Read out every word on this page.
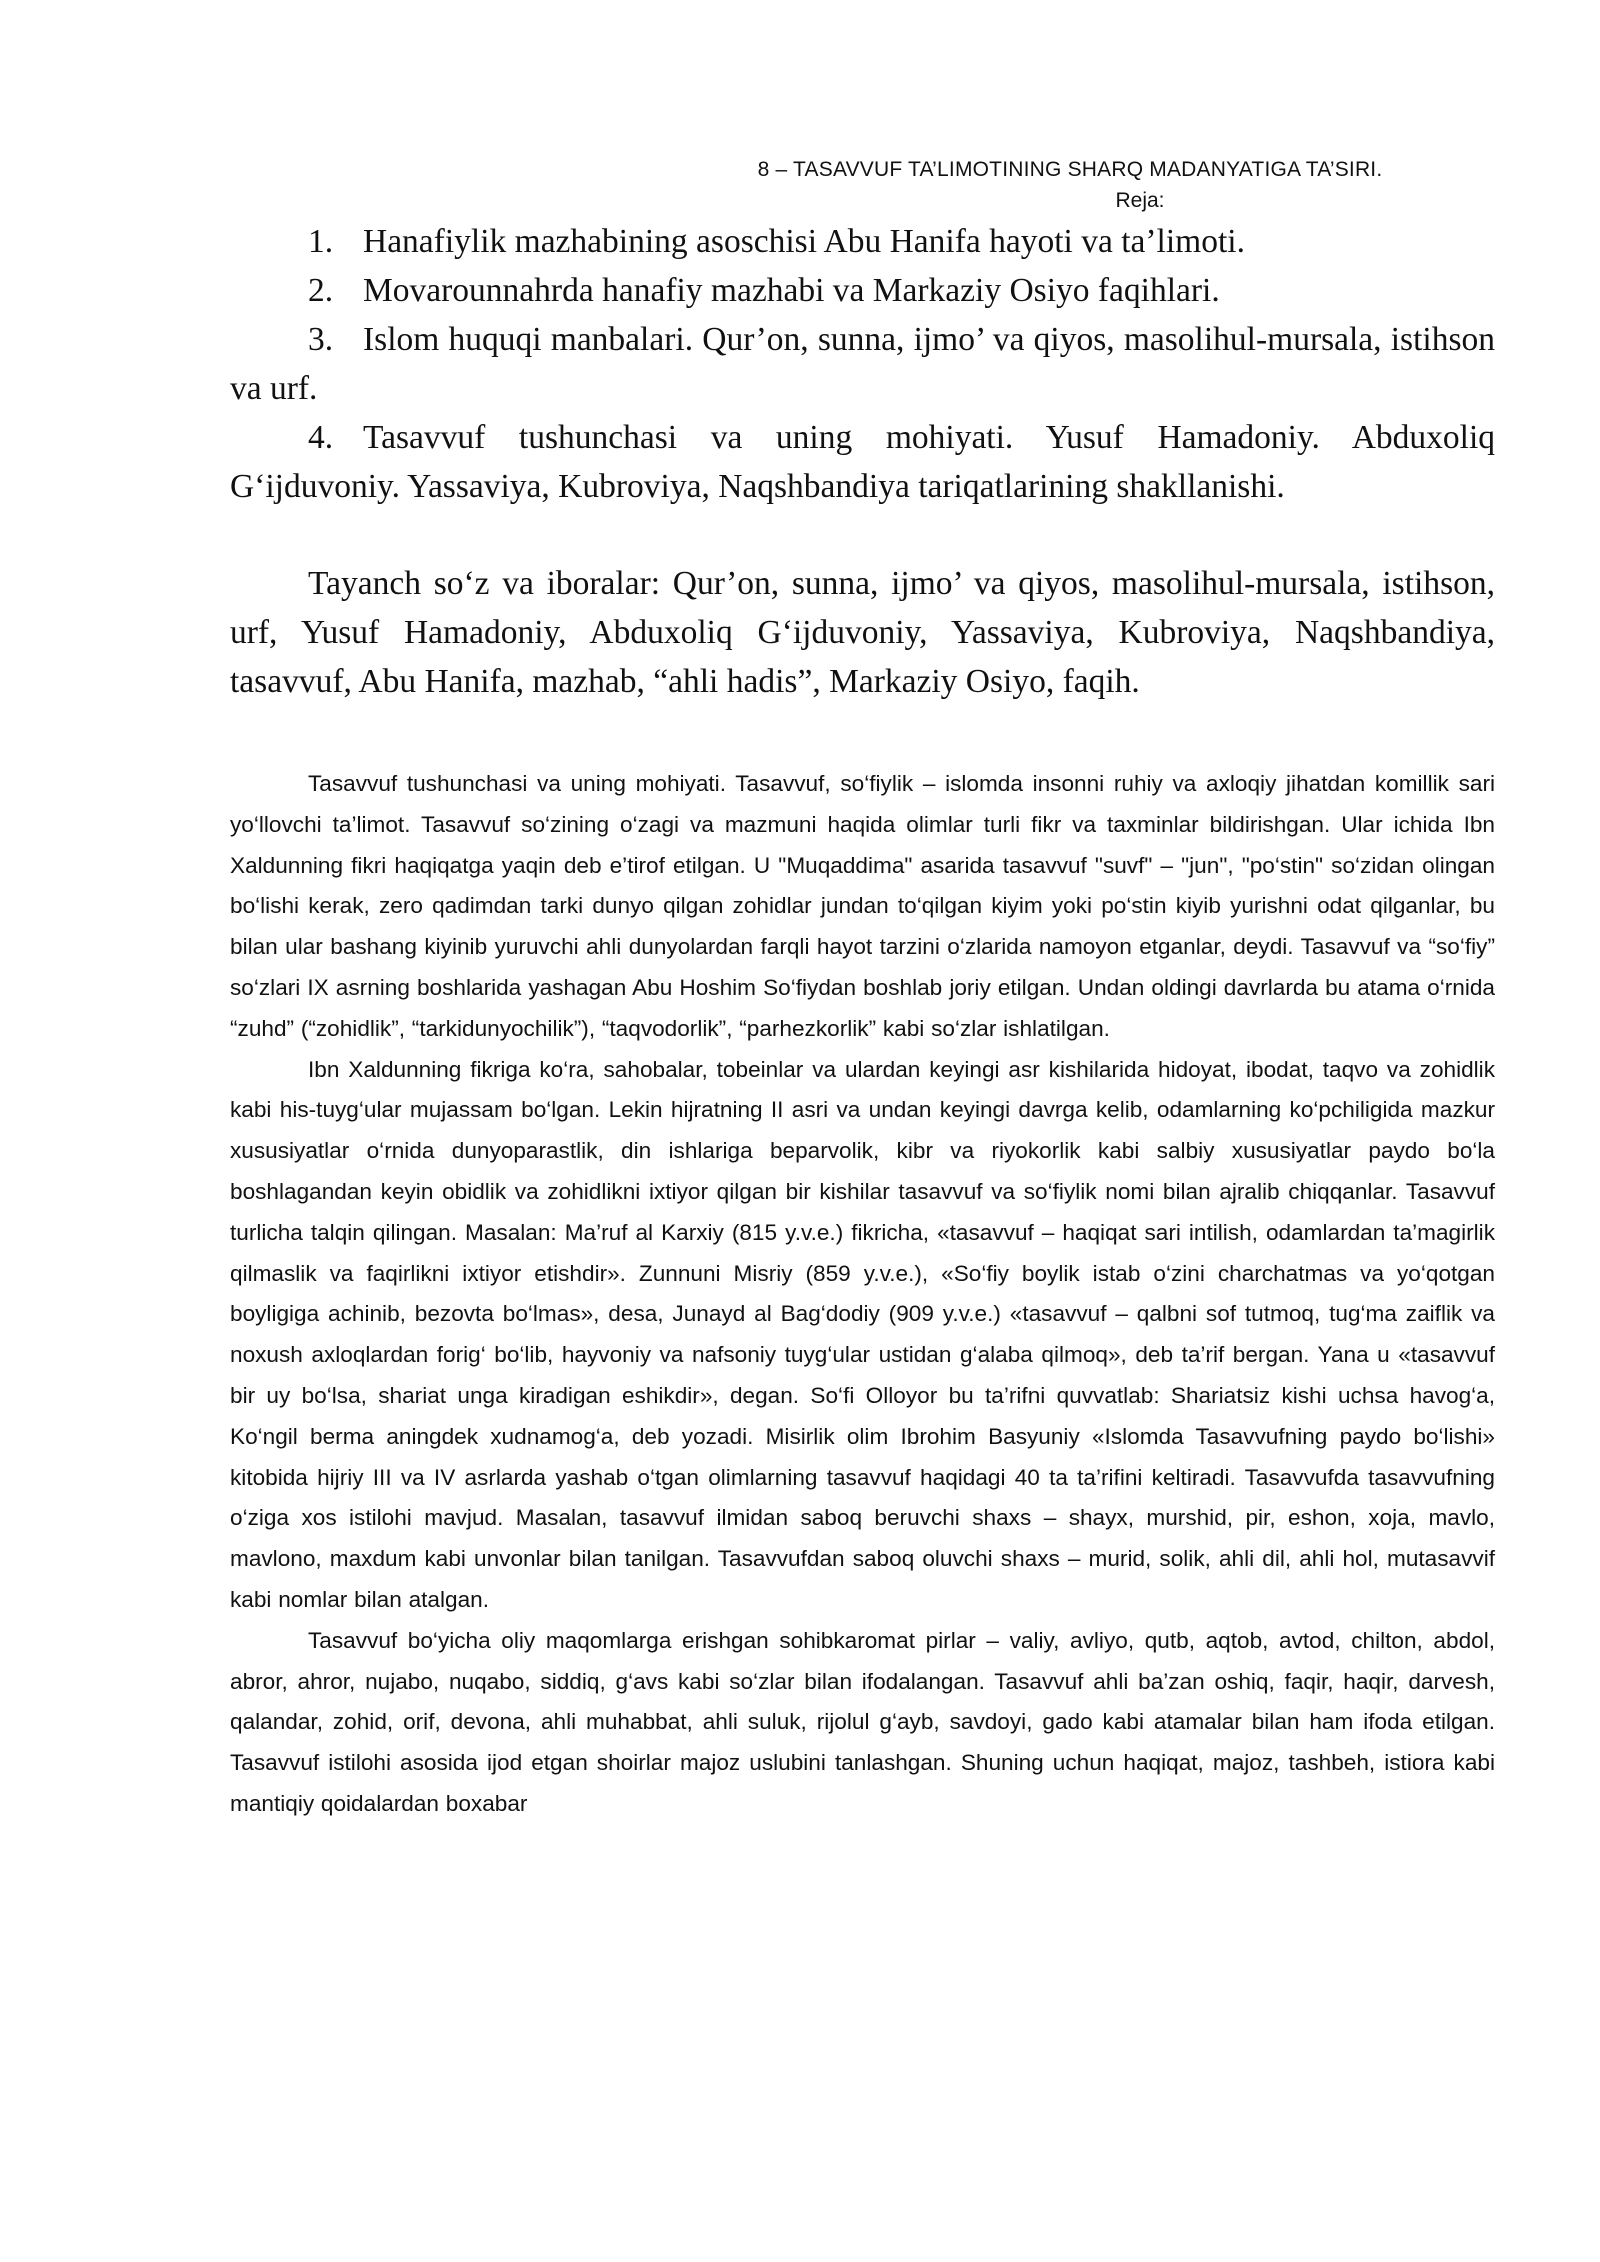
8 – TASAVVUF TA’LIMOTINING SHARQ MADANYATIGA TA’SIRI.

Reja:

1. Hanafiylik mazhabining asoschisi Abu Hanifa hayoti va ta’limoti.
2. Movarounnahrda hanafiy mazhabi va Markaziy Osiyo faqihlari.
3. Islom huquqi manbalari. Qur’on, sunna, ijmo’ va qiyos, masolihul-mursala, istihson va urf.
4. Tasavvuf tushunchasi va uning mohiyati. Yusuf Hamadoniy. Abduxoliq G‘ijduvoniy. Yassaviya, Kubroviya, Naqshbandiya tariqatlarining shakllanishi.

Tayanch so‘z va iboralar: Qur’on, sunna, ijmo’ va qiyos, masolihul-mursala, istihson, urf, Yusuf Hamadoniy, Abduxoliq G‘ijduvoniy, Yassaviya, Kubroviya, Naqshbandiya, tasavvuf, Abu Hanifa, mazhab, “ahli hadis”, Markaziy Osiyo, faqih.

Tasavvuf tushunchasi va uning mohiyati. Tasavvuf, so‘fiylik – islomda insonni ruhiy va axloqiy jihatdan komillik sari yo‘llovchi ta’limot. Tasavvuf so‘zining o‘zagi va mazmuni haqida olimlar turli fikr va taxminlar bildirishgan. Ular ichida Ibn Xaldunning fikri haqiqatga yaqin deb e’tirof etilgan. U "Muqaddima" asarida tasavvuf "suvf" – "jun", "po‘stin" so‘zidan olingan bo‘lishi kerak, zero qadimdan tarki dunyo qilgan zohidlar jundan to‘qilgan kiyim yoki po‘stin kiyib yurishni odat qilganlar, bu bilan ular bashang kiyinib yuruvchi ahli dunyolardan farqli hayot tarzini o‘zlarida namoyon etganlar, deydi. Tasavvuf va “so‘fiy” so‘zlari IX asrning boshlarida yashagan Abu Hoshim So‘fiydan boshlab joriy etilgan. Undan oldingi davrlarda bu atama o‘rnida “zuhd” (“zohidlik”, “tarkidunyochilik”), “taqvodorlik”, “parhezkorlik” kabi so‘zlar ishlatilgan.

Ibn Xaldunning fikriga ko‘ra, sahobalar, tobeinlar va ulardan keyingi asr kishilarida hidoyat, ibodat, taqvo va zohidlik kabi his-tuyg‘ular mujassam bo‘lgan. Lekin hijratning II asri va undan keyingi davrga kelib, odamlarning ko‘pchiligida mazkur xususiyatlar o‘rnida dunyoparastlik, din ishlariga beparvolik, kibr va riyokorlik kabi salbiy xususiyatlar paydo bo‘la boshlagandan keyin obidlik va zohidlikni ixtiyor qilgan bir kishilar tasavvuf va so‘fiylik nomi bilan ajralib chiqqanlar. Tasavvuf turlicha talqin qilingan. Masalan: Ma’ruf al Karxiy (815 y.v.e.) fikricha, «tasavvuf – haqiqat sari intilish, odamlardan ta’magirlik qilmaslik va faqirlikni ixtiyor etishdir». Zunnuni Misriy (859 y.v.e.), «So‘fiy boylik istab o‘zini charchatmas va yo‘qotgan boyligiga achinib, bezovta bo‘lmas», desa, Junayd al Bag‘dodiy (909 y.v.e.) «tasavvuf – qalbni sof tutmoq, tug‘ma zaiflik va noxush axloqlardan forig‘ bo‘lib, hayvoniy va nafsoniy tuyg‘ular ustidan g‘alaba qilmoq», deb ta’rif bergan. Yana u «tasavvuf bir uy bo‘lsa, shariat unga kiradigan eshikdir», degan. So‘fi Olloyor bu ta’rifni quvvatlab: Shariatsiz kishi uchsa havog‘a, Ko‘ngil berma aningdek xudnamog‘a, deb yozadi. Misirlik olim Ibrohim Basyuniy «Islomda Tasavvufning paydo bo‘lishi» kitobida hijriy III va IV asrlarda yashab o‘tgan olimlarning tasavvuf haqidagi 40 ta ta’rifini keltiradi. Tasavvufda tasavvufning o‘ziga xos istilohi mavjud. Masalan, tasavvuf ilmidan saboq beruvchi shaxs – shayx, murshid, pir, eshon, xoja, mavlo, mavlono, maxdum kabi unvonlar bilan tanilgan. Tasavvufdan saboq oluvchi shaxs – murid, solik, ahli dil, ahli hol, mutasavvif kabi nomlar bilan atalgan.

Tasavvuf bo‘yicha oliy maqomlarga erishgan sohibkaromat pirlar – valiy, avliyo, qutb, aqtob, avtod, chilton, abdol, abror, ahror, nujabo, nuqabo, siddiq, g‘avs kabi so‘zlar bilan ifodalangan. Tasavvuf ahli ba’zan oshiq, faqir, haqir, darvesh, qalandar, zohid, orif, devona, ahli muhabbat, ahli suluk, rijolul g‘ayb, savdoyi, gado kabi atamalar bilan ham ifoda etilgan. Tasavvuf istilohi asosida ijod etgan shoirlar majoz uslubini tanlashgan. Shuning uchun haqiqat, majoz, tashbeh, istiora kabi mantiqiy qoidalardan boxabar
